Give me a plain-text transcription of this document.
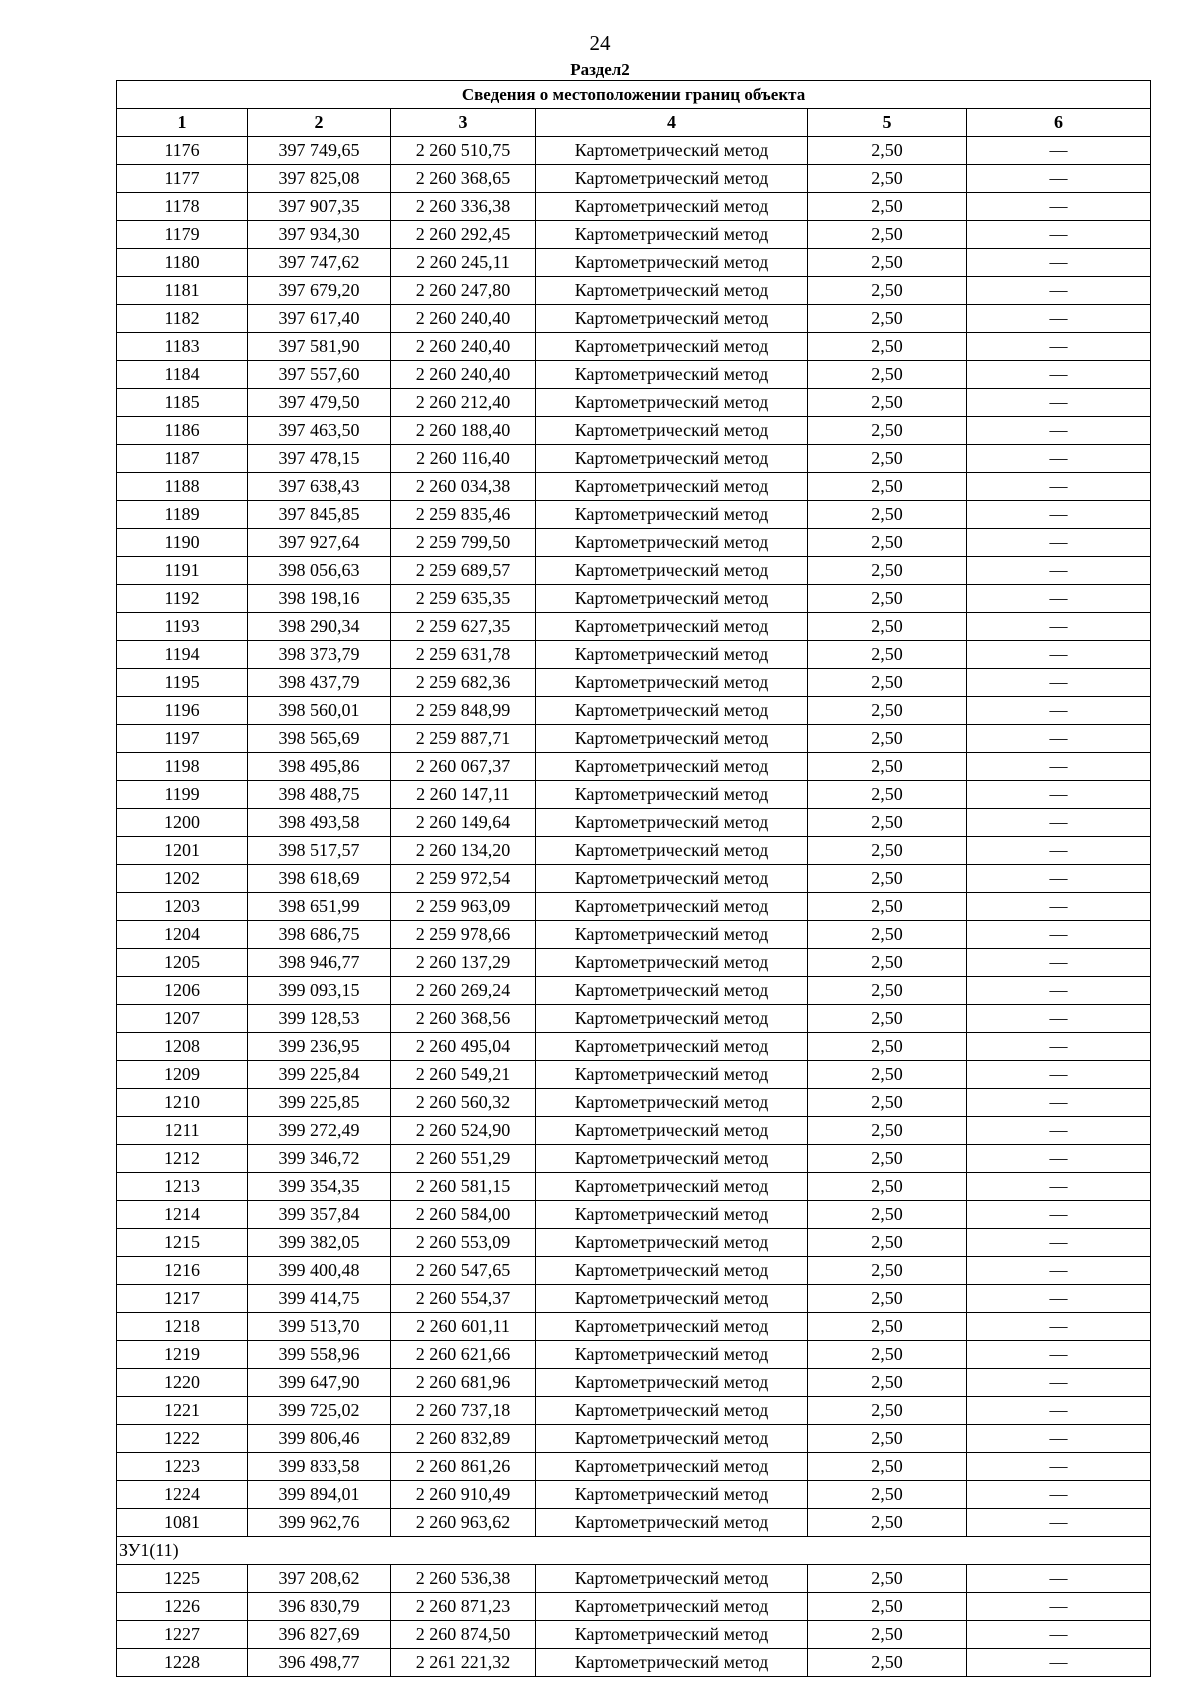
24
Раздел2
Сведения о местоположении границ объекта					
1	2	3	4	5	6
1176	397 749,65	2 260 510,75	Картометрический метод	2,50	—
1177	397 825,08	2 260 368,65	Картометрический метод	2,50	—
1178	397 907,35	2 260 336,38	Картометрический метод	2,50	—
1179	397 934,30	2 260 292,45	Картометрический метод	2,50	—
1180	397 747,62	2 260 245,11	Картометрический метод	2,50	—
1181	397 679,20	2 260 247,80	Картометрический метод	2,50	—
1182	397 617,40	2 260 240,40	Картометрический метод	2,50	—
1183	397 581,90	2 260 240,40	Картометрический метод	2,50	—
1184	397 557,60	2 260 240,40	Картометрический метод	2,50	—
1185	397 479,50	2 260 212,40	Картометрический метод	2,50	—
1186	397 463,50	2 260 188,40	Картометрический метод	2,50	—
1187	397 478,15	2 260 116,40	Картометрический метод	2,50	—
1188	397 638,43	2 260 034,38	Картометрический метод	2,50	—
1189	397 845,85	2 259 835,46	Картометрический метод	2,50	—
1190	397 927,64	2 259 799,50	Картометрический метод	2,50	—
1191	398 056,63	2 259 689,57	Картометрический метод	2,50	—
1192	398 198,16	2 259 635,35	Картометрический метод	2,50	—
1193	398 290,34	2 259 627,35	Картометрический метод	2,50	—
1194	398 373,79	2 259 631,78	Картометрический метод	2,50	—
1195	398 437,79	2 259 682,36	Картометрический метод	2,50	—
1196	398 560,01	2 259 848,99	Картометрический метод	2,50	—
1197	398 565,69	2 259 887,71	Картометрический метод	2,50	—
1198	398 495,86	2 260 067,37	Картометрический метод	2,50	—
1199	398 488,75	2 260 147,11	Картометрический метод	2,50	—
1200	398 493,58	2 260 149,64	Картометрический метод	2,50	—
1201	398 517,57	2 260 134,20	Картометрический метод	2,50	—
1202	398 618,69	2 259 972,54	Картометрический метод	2,50	—
1203	398 651,99	2 259 963,09	Картометрический метод	2,50	—
1204	398 686,75	2 259 978,66	Картометрический метод	2,50	—
1205	398 946,77	2 260 137,29	Картометрический метод	2,50	—
1206	399 093,15	2 260 269,24	Картометрический метод	2,50	—
1207	399 128,53	2 260 368,56	Картометрический метод	2,50	—
1208	399 236,95	2 260 495,04	Картометрический метод	2,50	—
1209	399 225,84	2 260 549,21	Картометрический метод	2,50	—
1210	399 225,85	2 260 560,32	Картометрический метод	2,50	—
1211	399 272,49	2 260 524,90	Картометрический метод	2,50	—
1212	399 346,72	2 260 551,29	Картометрический метод	2,50	—
1213	399 354,35	2 260 581,15	Картометрический метод	2,50	—
1214	399 357,84	2 260 584,00	Картометрический метод	2,50	—
1215	399 382,05	2 260 553,09	Картометрический метод	2,50	—
1216	399 400,48	2 260 547,65	Картометрический метод	2,50	—
1217	399 414,75	2 260 554,37	Картометрический метод	2,50	—
1218	399 513,70	2 260 601,11	Картометрический метод	2,50	—
1219	399 558,96	2 260 621,66	Картометрический метод	2,50	—
1220	399 647,90	2 260 681,96	Картометрический метод	2,50	—
1221	399 725,02	2 260 737,18	Картометрический метод	2,50	—
1222	399 806,46	2 260 832,89	Картометрический метод	2,50	—
1223	399 833,58	2 260 861,26	Картометрический метод	2,50	—
1224	399 894,01	2 260 910,49	Картометрический метод	2,50	—
1081	399 962,76	2 260 963,62	Картометрический метод	2,50	—
ЗУ1(11)					
1225	397 208,62	2 260 536,38	Картометрический метод	2,50	—
1226	396 830,79	2 260 871,23	Картометрический метод	2,50	—
1227	396 827,69	2 260 874,50	Картометрический метод	2,50	—
1228	396 498,77	2 261 221,32	Картометрический метод	2,50	—
